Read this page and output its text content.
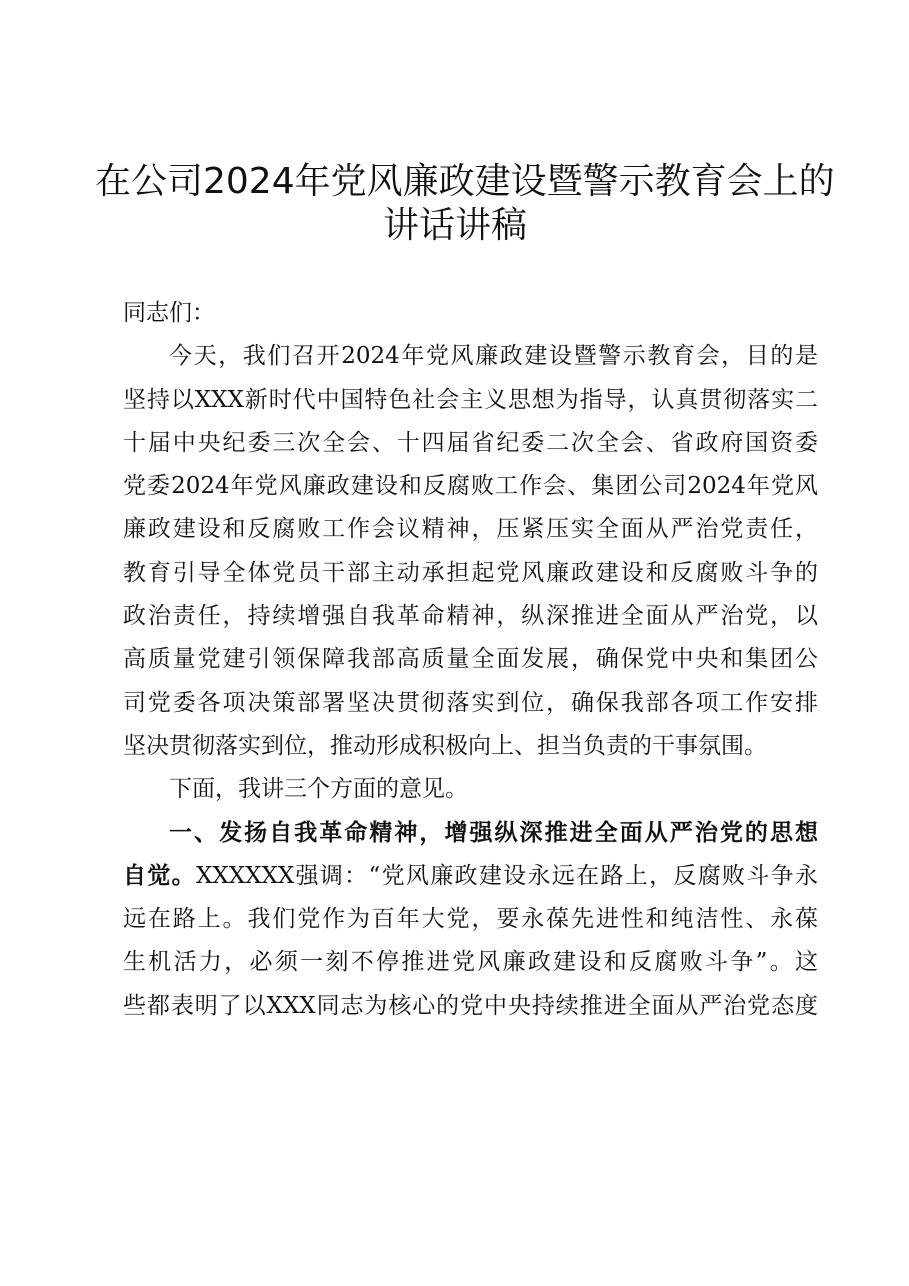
在公司2024年党风廉政建设暨警示教育会上的
讲话讲稿
同志们：

今天，我们召开2024年党风廉政建设暨警示教育会，目的是
坚持以XXX新时代中国特色社会主义思想为指导，认真贯彻落实二
十届中央纪委三次全会、十四届省纪委二次全会、省政府国资委
党委2024年党风廉政建设和反腐败工作会、集团公司2024年党风
廉政建设和反腐败工作会议精神，压紧压实全面从严治党责任，
教育引导全体党员干部主动承担起党风廉政建设和反腐败斗争的
政治责任，持续增强自我革命精神，纵深推进全面从严治党，以
高质量党建引领保障我部高质量全面发展，确保党中央和集团公
司党委各项决策部署坚决贯彻落实到位，确保我部各项工作安排
坚决贯彻落实到位，推动形成积极向上、担当负责的干事氛围。

下面，我讲三个方面的意见。

一、发扬自我革命精神，增强纵深推进全面从严治党的思想
自觉。XXXXXX强调：“党风廉政建设永远在路上，反腐败斗争永
远在路上。我们党作为百年大党，要永葆先进性和纯洁性、永葆
生机活力，必须一刻不停推进党风廉政建设和反腐败斗争”。这
些都表明了以XXX同志为核心的党中央持续推进全面从严治党态度
